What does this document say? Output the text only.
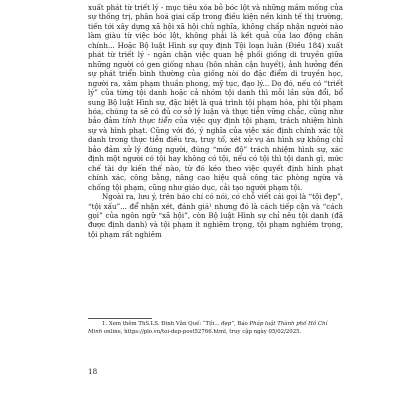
xuất phát từ triết lý - mục tiêu xóa bỏ bóc lột và những mầm mống của sự thống trị, phân hoá giai cấp trong điều kiện nền kinh tế thị trường, tiến tới xây dựng xã hội xã hội chủ nghĩa, không chấp nhận người nào làm giàu từ việc bóc lột, không phải là kết quả của lao động chân chính... Hoặc Bộ luật Hình sự quy định Tội loạn luân (Điều 184) xuất phát từ triết lý - ngăn chặn việc quan hệ phối giống di truyền giữa những người có gen giống nhau (hôn nhân cận huyết), ảnh hưởng đến sự phát triển bình thường của giống nòi do đặc điểm di truyền học, người ra, xâm phạm thuần phong, mỹ tục, đạo lý... Do đó, nếu có “triết lý” của từng tội danh hoặc cả nhóm tội danh thì mỗi lần sửa đổi, bổ sung Bộ luật Hình sự, đặc biệt là quá trình tội phạm hóa, phi tội phạm hóa, chúng ta sẽ có đủ cơ sở lý luận và thực tiễn vững chắc, cũng như bảo đảm tính thực tiễn của việc quy định tội phạm, trách nhiệm hình sự và hình phạt. Cũng với đó, ý nghĩa của việc xác định chính xác tội danh trong thực tiễn điều tra, truy tố, xét xử vụ án hình sự không chỉ bảo đảm xử lý đúng người, đúng “mức độ” trách nhiệm hình sự, xác định một người có tội hay không có tội, nếu có tội thì tội danh gì, mức chế tài dự kiến thế nào, từ đó kéo theo việc quyết định hình phạt chính xác, công bằng, nâng cao hiệu quả công tác phòng ngừa và chống tội phạm, cũng như giáo dục, cải tạo người phạm tội.

Ngoài ra, lưu ý, trên báo chí có nói, có chỗ viết cái gọi là “tội đẹp”, “tội xấu”... để nhận xét, đánh giá¹ nhưng đó là cách tiếp cận và “cách gọi” của ngôn ngữ “xã hội”, còn Bộ luật Hình sự chỉ nêu tội danh (đã được định danh) và tội phạm ít nghiêm trọng, tội phạm nghiêm trọng, tội phạm rất nghiêm

1. Xem thêm ThS.LS. Đinh Văn Quế: “Tội... đẹp”, Báo Pháp luật Thành phố Hồ Chí Minh online, https://plo.vn/toi-dep-post52766.html, truy cập ngày 05/02/2025.
18
